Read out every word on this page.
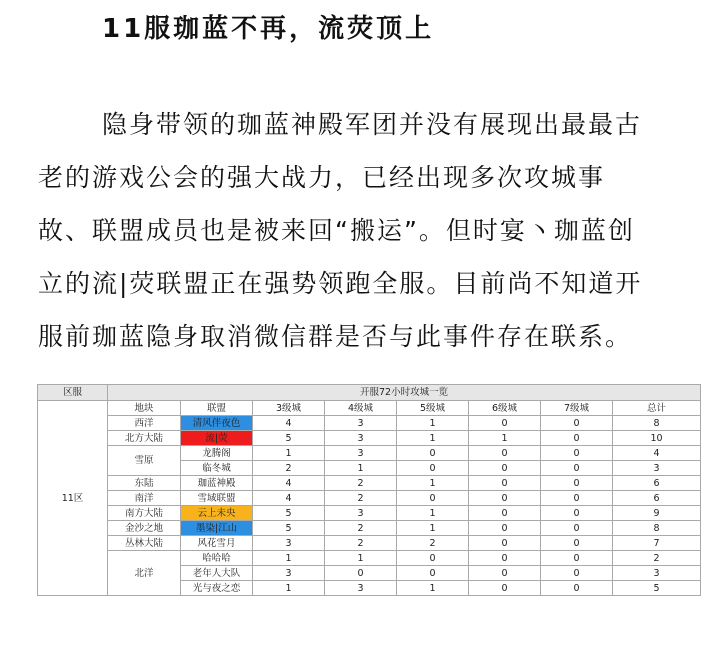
11服珈蓝不再，流荧顶上

隐身带领的珈蓝神殿军团并没有展现出最最古
老的游戏公会的强大战力，已经出现多次攻城事
故、联盟成员也是被来回“搬运”。但时宴丶珈蓝创
立的流|荧联盟正在强势领跑全服。目前尚不知道开
服前珈蓝隐身取消微信群是否与此事件存在联系。

区服	开服72小时攻城一览							
11区	地块	联盟	3级城	4级城	5级城	6级城	7级城	总计
	西洋	清风伴夜色	4	3	1	0	0	8
	北方大陆	流|荧	5	3	1	1	0	10
	雪原	龙腾阁	1	3	0	0	0	4
		临冬城	2	1	0	0	0	3
	东陆	珈蓝神殿	4	2	1	0	0	6
	南洋	雪域联盟	4	2	0	0	0	6
	南方大陆	云上未央	5	3	1	0	0	9
	金沙之地	墨染|江山	5	2	1	0	0	8
	丛林大陆	风花雪月	3	2	2	0	0	7
	北洋	哈哈哈	1	1	0	0	0	2
		老年人大队	3	0	0	0	0	3
		光与夜之恋	1	3	1	0	0	5
